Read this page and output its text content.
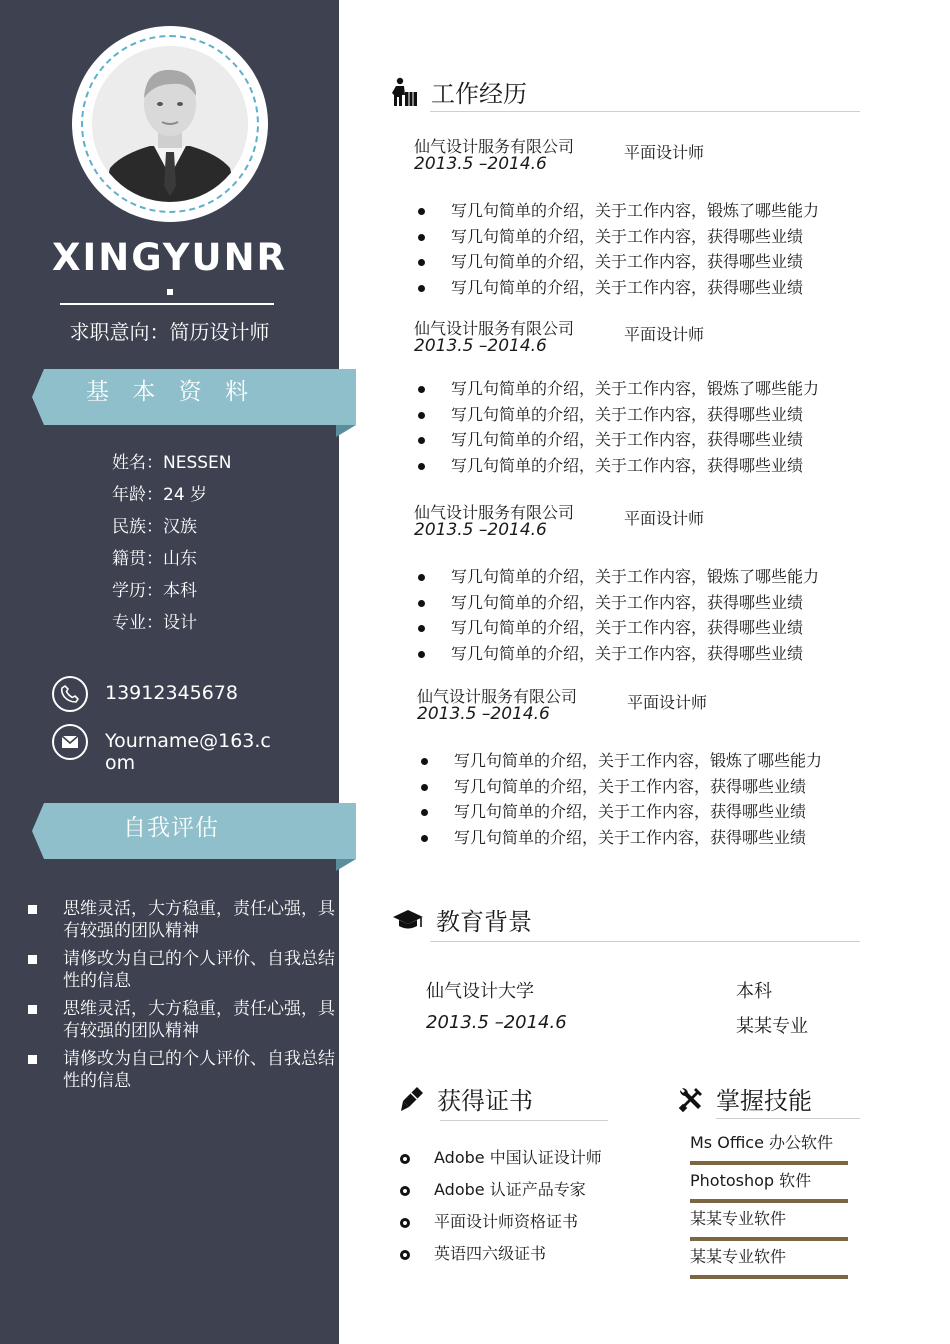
XINGYUNR
求职意向：简历设计师
基 本 资 料
姓名：NESSEN
年龄：24 岁
民族：汉族
籍贯：山东
学历：本科
专业：设计
13912345678
Yourname@163.com
自我评估
思维灵活，大方稳重，责任心强，具有较强的团队精神
请修改为自己的个人评价、自我总结性的信息
思维灵活，大方稳重，责任心强，具有较强的团队精神
请修改为自己的个人评价、自我总结性的信息
工作经历
仙气设计服务有限公司
2013.5 –2014.6
平面设计师
写几句简单的介绍，关于工作内容，锻炼了哪些能力
写几句简单的介绍，关于工作内容，获得哪些业绩
写几句简单的介绍，关于工作内容，获得哪些业绩
写几句简单的介绍，关于工作内容，获得哪些业绩
仙气设计服务有限公司
2013.5 –2014.6
平面设计师
写几句简单的介绍，关于工作内容，锻炼了哪些能力
写几句简单的介绍，关于工作内容，获得哪些业绩
写几句简单的介绍，关于工作内容，获得哪些业绩
写几句简单的介绍，关于工作内容，获得哪些业绩
仙气设计服务有限公司
2013.5 –2014.6
平面设计师
写几句简单的介绍，关于工作内容，锻炼了哪些能力
写几句简单的介绍，关于工作内容，获得哪些业绩
写几句简单的介绍，关于工作内容，获得哪些业绩
写几句简单的介绍，关于工作内容，获得哪些业绩
仙气设计服务有限公司
2013.5 –2014.6
平面设计师
写几句简单的介绍，关于工作内容，锻炼了哪些能力
写几句简单的介绍，关于工作内容，获得哪些业绩
写几句简单的介绍，关于工作内容，获得哪些业绩
写几句简单的介绍，关于工作内容，获得哪些业绩
教育背景
仙气设计大学
2013.5 –2014.6
本科
某某专业
获得证书
Adobe 中国认证设计师
Adobe 认证产品专家
平面设计师资格证书
英语四六级证书
掌握技能
Ms Office 办公软件
Photoshop 软件
某某专业软件
某某专业软件
